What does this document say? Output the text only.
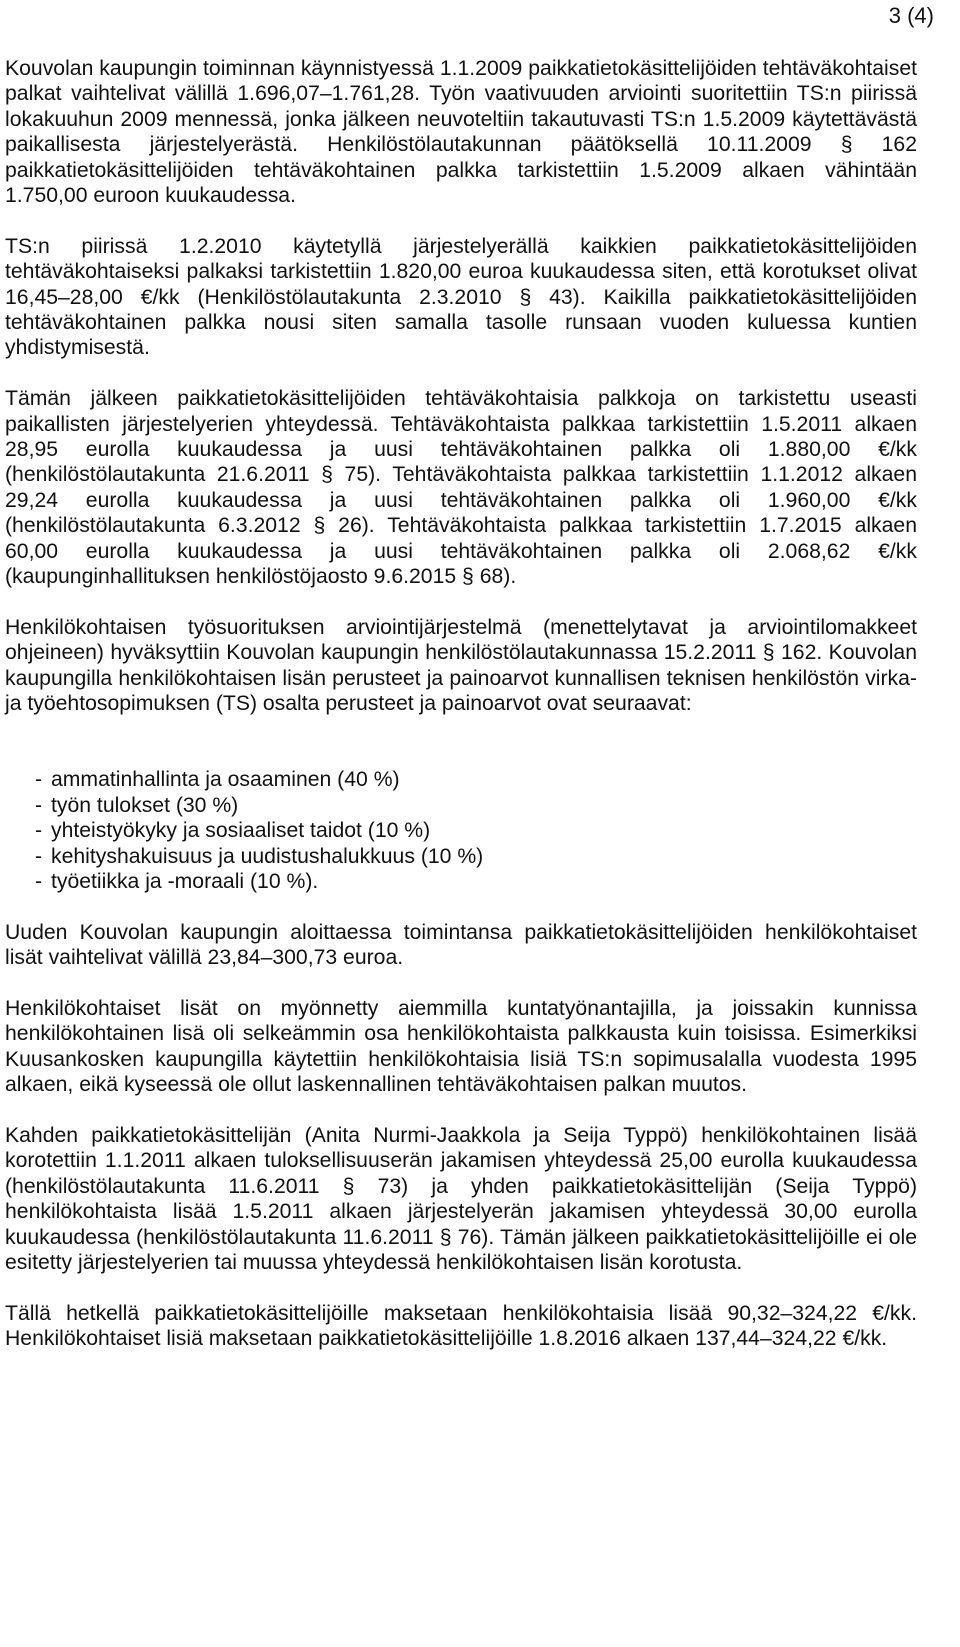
3 (4)

Kouvolan kaupungin toiminnan käynnistyessä 1.1.2009 paikkatietokäsittelijöiden tehtäväkohtaiset palkat vaihtelivat välillä 1.696,07–1.761,28. Työn vaativuuden arviointi suoritettiin TS:n piirissä lokakuuhun 2009 mennessä, jonka jälkeen neuvoteltiin takautuvasti TS:n 1.5.2009 käytettävästä paikallisesta järjestelyerästä. Henkilöstölautakunnan päätöksellä 10.11.2009 § 162 paikkatietokäsittelijöiden tehtäväkohtainen palkka tarkistettiin 1.5.2009 alkaen vähintään 1.750,00 euroon kuukaudessa.

TS:n piirissä 1.2.2010 käytetyllä järjestelyerällä kaikkien paikkatietokäsittelijöiden tehtäväkohtaiseksi palkaksi tarkistettiin 1.820,00 euroa kuukaudessa siten, että korotukset olivat 16,45–28,00 €/kk (Henkilöstölautakunta 2.3.2010 § 43). Kaikilla paikkatietokäsittelijöiden tehtäväkohtainen palkka nousi siten samalla tasolle runsaan vuoden kuluessa kuntien yhdistymisestä.

Tämän jälkeen paikkatietokäsittelijöiden tehtäväkohtaisia palkkoja on tarkistettu useasti paikallisten järjestelyerien yhteydessä. Tehtäväkohtaista palkkaa tarkistettiin 1.5.2011 alkaen 28,95 eurolla kuukaudessa ja uusi tehtäväkohtainen palkka oli 1.880,00 €/kk (henkilöstölautakunta 21.6.2011 § 75). Tehtäväkohtaista palkkaa tarkistettiin 1.1.2012 alkaen 29,24 eurolla kuukaudessa ja uusi tehtäväkohtainen palkka oli 1.960,00 €/kk (henkilöstölautakunta 6.3.2012 § 26). Tehtäväkohtaista palkkaa tarkistettiin 1.7.2015 alkaen 60,00 eurolla kuukaudessa ja uusi tehtäväkohtainen palkka oli 2.068,62 €/kk (kaupunginhallituksen henkilöstöjaosto 9.6.2015 § 68).

Henkilökohtaisen työsuorituksen arviointijärjestelmä (menettelytavat ja arviointilomakkeet ohjeineen) hyväksyttiin Kouvolan kaupungin henkilöstölautakunnassa 15.2.2011 § 162. Kouvolan kaupungilla henkilökohtaisen lisän perusteet ja painoarvot kunnallisen teknisen henkilöstön virka- ja työehtosopimuksen (TS) osalta perusteet ja painoarvot ovat seuraavat:

- ammatinhallinta ja osaaminen (40 %)
- työn tulokset (30 %)
- yhteistyökyky ja sosiaaliset taidot (10 %)
- kehityshakuisuus ja uudistushalukkuus (10 %)
- työetiikka ja -moraali (10 %).

Uuden Kouvolan kaupungin aloittaessa toimintansa paikkatietokäsittelijöiden henkilökohtaiset lisät vaihtelivat välillä 23,84–300,73 euroa.

Henkilökohtaiset lisät on myönnetty aiemmilla kuntatyönantajilla, ja joissakin kunnissa henkilökohtainen lisä oli selkeämmin osa henkilökohtaista palkkausta kuin toisissa. Esimerkiksi Kuusankosken kaupungilla käytettiin henkilökohtaisia lisiä TS:n sopimusalalla vuodesta 1995 alkaen, eikä kyseessä ole ollut laskennallinen tehtäväkohtaisen palkan muutos.

Kahden paikkatietokäsittelijän (Anita Nurmi-Jaakkola ja Seija Typpö) henkilökohtainen lisää korotettiin 1.1.2011 alkaen tuloksellisuuserän jakamisen yhteydessä 25,00 eurolla kuukaudessa (henkilöstölautakunta 11.6.2011 § 73) ja yhden paikkatietokäsittelijän (Seija Typpö) henkilökohtaista lisää 1.5.2011 alkaen järjestelyerän jakamisen yhteydessä 30,00 eurolla kuukaudessa (henkilöstölautakunta 11.6.2011 § 76). Tämän jälkeen paikkatietokäsittelijöille ei ole esitetty järjestelyerien tai muussa yhteydessä henkilökohtaisen lisän korotusta.

Tällä hetkellä paikkatietokäsittelijöille maksetaan henkilökohtaisia lisää 90,32–324,22 €/kk. Henkilökohtaiset lisiä maksetaan paikkatietokäsittelijöille 1.8.2016 alkaen 137,44–324,22 €/kk.
